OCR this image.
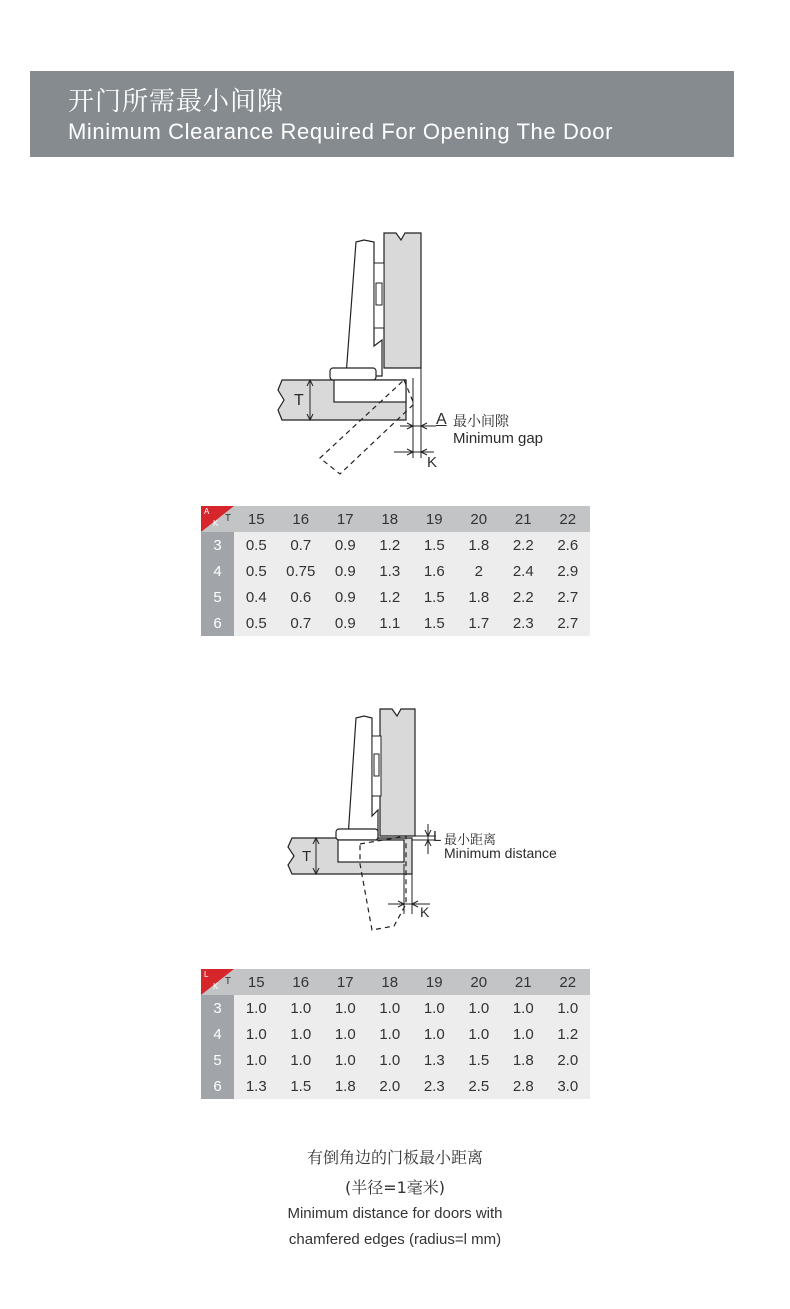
开门所需最小间隙
Minimum Clearance Required For Opening The Door
T
A 最小间隙
Minimum gap
K
A
K T	15	16	17	18	19	20	21	22
3	0.5	0.7	0.9	1.2	1.5	1.8	2.2	2.6
4	0.5	0.75	0.9	1.3	1.6	2	2.4	2.9
5	0.4	0.6	0.9	1.2	1.5	1.8	2.2	2.7
6	0.5	0.7	0.9	1.1	1.5	1.7	2.3	2.7
T
L 最小距离
Minimum distance
K
L
K T	15	16	17	18	19	20	21	22
3	1.0	1.0	1.0	1.0	1.0	1.0	1.0	1.0
4	1.0	1.0	1.0	1.0	1.0	1.0	1.0	1.2
5	1.0	1.0	1.0	1.0	1.3	1.5	1.8	2.0
6	1.3	1.5	1.8	2.0	2.3	2.5	2.8	3.0
有倒角边的门板最小距离
(半径=1毫米)
Minimum distance for doors with
chamfered edges (radius=l mm)
